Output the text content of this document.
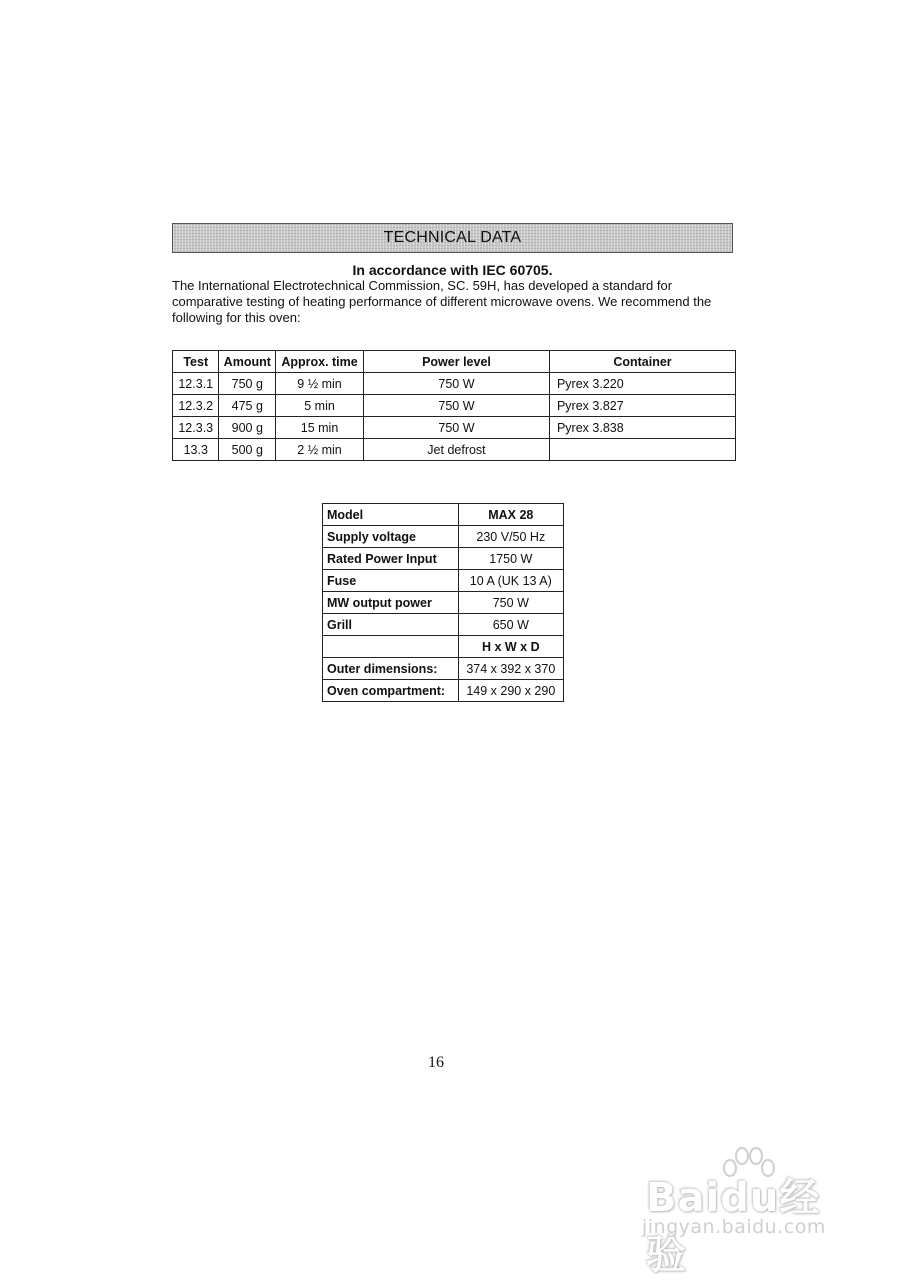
TECHNICAL DATA
In accordance with IEC 60705.
The International Electrotechnical Commission, SC. 59H, has developed a standard for comparative testing of heating performance of different microwave ovens. We recommend the following for this oven:
Test	Amount	Approx. time	Power level	Container
12.3.1	750 g	9 ½ min	750 W	Pyrex 3.220
12.3.2	475 g	5 min	750 W	Pyrex 3.827
12.3.3	900 g	15 min	750 W	Pyrex 3.838
13.3	500 g	2 ½ min	Jet defrost	
Model	MAX 28
Supply voltage	230 V/50 Hz
Rated Power Input	1750 W
Fuse	10 A (UK 13 A)
MW output power	750 W
Grill	650 W
	H x W x D
Outer dimensions:	374 x 392 x 370
Oven compartment:	149 x 290 x 290
16
Baidu经验
jingyan.baidu.com
